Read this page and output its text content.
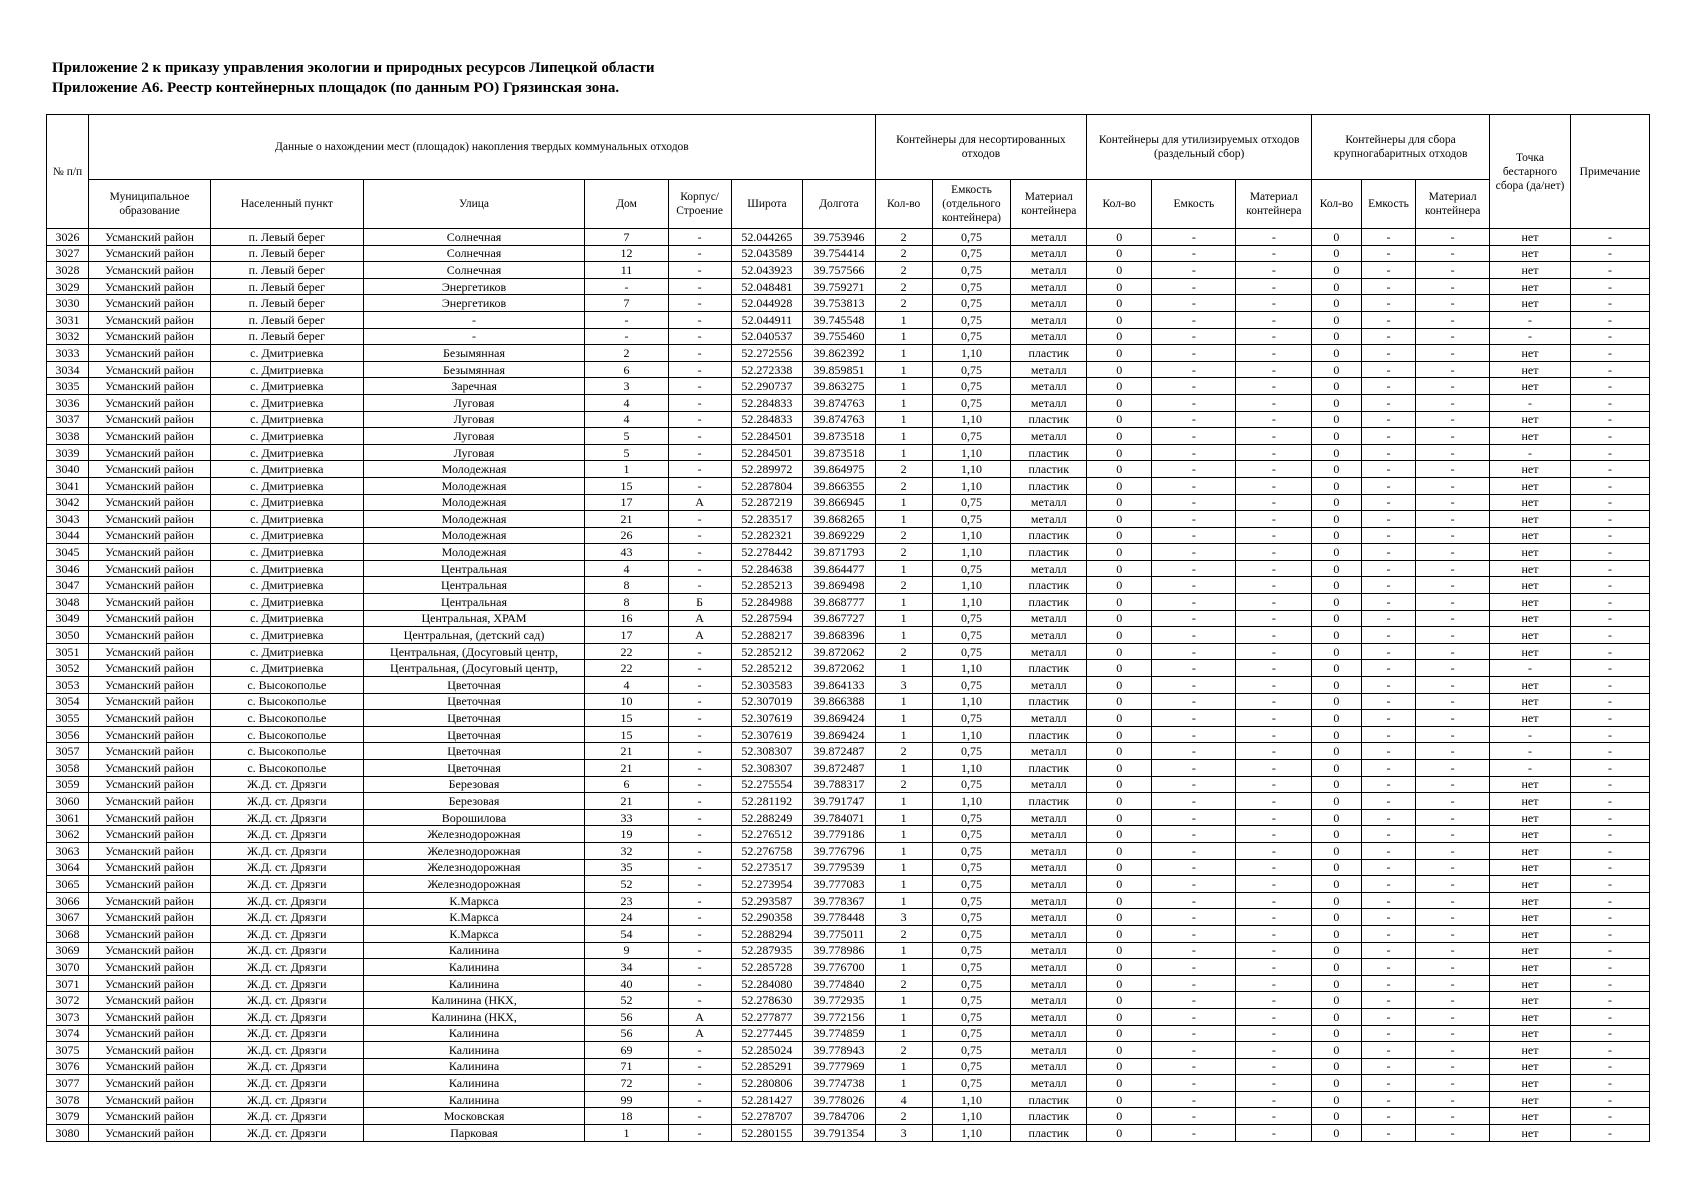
Приложение 2 к приказу управления экологии и природных ресурсов Липецкой области
Приложение А6. Реестр контейнерных площадок (по данным РО) Грязинская зона.
№ п/п	Данные о нахождении мест (площадок) накопления твердых коммунальных отходов							Контейнеры для несортированных отходов			Контейнеры для утилизируемых отходов (раздельный сбор)			Контейнеры для сбора крупногабаритных отходов			Точка бестарного сбора (да/нет)	Примечание
	Муниципальное образование	Населенный пункт	Улица	Дом	Корпус/ Строение	Широта	Долгота	Кол-во	Емкость (отдельного контейнера)	Материал контейнера	Кол-во	Емкость	Материал контейнера	Кол-во	Емкость	Материал контейнера		
3026	Усманский район	п. Левый берег	Солнечная	7	-	52.044265	39.753946	2	0,75	металл	0	-	-	0	-	-	нет	-
3027	Усманский район	п. Левый берег	Солнечная	12	-	52.043589	39.754414	2	0,75	металл	0	-	-	0	-	-	нет	-
3028	Усманский район	п. Левый берег	Солнечная	11	-	52.043923	39.757566	2	0,75	металл	0	-	-	0	-	-	нет	-
3029	Усманский район	п. Левый берег	Энергетиков	-	-	52.048481	39.759271	2	0,75	металл	0	-	-	0	-	-	нет	-
3030	Усманский район	п. Левый берег	Энергетиков	7	-	52.044928	39.753813	2	0,75	металл	0	-	-	0	-	-	нет	-
3031	Усманский район	п. Левый берег	-	-	-	52.044911	39.745548	1	0,75	металл	0	-	-	0	-	-	-	-
3032	Усманский район	п. Левый берег	-	-	-	52.040537	39.755460	1	0,75	металл	0	-	-	0	-	-	-	-
3033	Усманский район	с. Дмитриевка	Безымянная	2	-	52.272556	39.862392	1	1,10	пластик	0	-	-	0	-	-	нет	-
3034	Усманский район	с. Дмитриевка	Безымянная	6	-	52.272338	39.859851	1	0,75	металл	0	-	-	0	-	-	нет	-
3035	Усманский район	с. Дмитриевка	Заречная	3	-	52.290737	39.863275	1	0,75	металл	0	-	-	0	-	-	нет	-
3036	Усманский район	с. Дмитриевка	Луговая	4	-	52.284833	39.874763	1	0,75	металл	0	-	-	0	-	-	-	-
3037	Усманский район	с. Дмитриевка	Луговая	4	-	52.284833	39.874763	1	1,10	пластик	0	-	-	0	-	-	нет	-
3038	Усманский район	с. Дмитриевка	Луговая	5	-	52.284501	39.873518	1	0,75	металл	0	-	-	0	-	-	нет	-
3039	Усманский район	с. Дмитриевка	Луговая	5	-	52.284501	39.873518	1	1,10	пластик	0	-	-	0	-	-	-	-
3040	Усманский район	с. Дмитриевка	Молодежная	1	-	52.289972	39.864975	2	1,10	пластик	0	-	-	0	-	-	нет	-
3041	Усманский район	с. Дмитриевка	Молодежная	15	-	52.287804	39.866355	2	1,10	пластик	0	-	-	0	-	-	нет	-
3042	Усманский район	с. Дмитриевка	Молодежная	17	А	52.287219	39.866945	1	0,75	металл	0	-	-	0	-	-	нет	-
3043	Усманский район	с. Дмитриевка	Молодежная	21	-	52.283517	39.868265	1	0,75	металл	0	-	-	0	-	-	нет	-
3044	Усманский район	с. Дмитриевка	Молодежная	26	-	52.282321	39.869229	2	1,10	пластик	0	-	-	0	-	-	нет	-
3045	Усманский район	с. Дмитриевка	Молодежная	43	-	52.278442	39.871793	2	1,10	пластик	0	-	-	0	-	-	нет	-
3046	Усманский район	с. Дмитриевка	Центральная	4	-	52.284638	39.864477	1	0,75	металл	0	-	-	0	-	-	нет	-
3047	Усманский район	с. Дмитриевка	Центральная	8	-	52.285213	39.869498	2	1,10	пластик	0	-	-	0	-	-	нет	-
3048	Усманский район	с. Дмитриевка	Центральная	8	Б	52.284988	39.868777	1	1,10	пластик	0	-	-	0	-	-	нет	-
3049	Усманский район	с. Дмитриевка	Центральная, ХРАМ	16	А	52.287594	39.867727	1	0,75	металл	0	-	-	0	-	-	нет	-
3050	Усманский район	с. Дмитриевка	Центральная, (детский сад)	17	А	52.288217	39.868396	1	0,75	металл	0	-	-	0	-	-	нет	-
3051	Усманский район	с. Дмитриевка	Центральная, (Досуговый центр,	22	-	52.285212	39.872062	2	0,75	металл	0	-	-	0	-	-	нет	-
3052	Усманский район	с. Дмитриевка	Центральная, (Досуговый центр,	22	-	52.285212	39.872062	1	1,10	пластик	0	-	-	0	-	-	-	-
3053	Усманский район	с. Высокополье	Цветочная	4	-	52.303583	39.864133	3	0,75	металл	0	-	-	0	-	-	нет	-
3054	Усманский район	с. Высокополье	Цветочная	10	-	52.307019	39.866388	1	1,10	пластик	0	-	-	0	-	-	нет	-
3055	Усманский район	с. Высокополье	Цветочная	15	-	52.307619	39.869424	1	0,75	металл	0	-	-	0	-	-	нет	-
3056	Усманский район	с. Высокополье	Цветочная	15	-	52.307619	39.869424	1	1,10	пластик	0	-	-	0	-	-	-	-
3057	Усманский район	с. Высокополье	Цветочная	21	-	52.308307	39.872487	2	0,75	металл	0	-	-	0	-	-	-	-
3058	Усманский район	с. Высокополье	Цветочная	21	-	52.308307	39.872487	1	1,10	пластик	0	-	-	0	-	-	-	-
3059	Усманский район	Ж.Д. ст. Дрязги	Березовая	6	-	52.275554	39.788317	2	0,75	металл	0	-	-	0	-	-	нет	-
3060	Усманский район	Ж.Д. ст. Дрязги	Березовая	21	-	52.281192	39.791747	1	1,10	пластик	0	-	-	0	-	-	нет	-
3061	Усманский район	Ж.Д. ст. Дрязги	Ворошилова	33	-	52.288249	39.784071	1	0,75	металл	0	-	-	0	-	-	нет	-
3062	Усманский район	Ж.Д. ст. Дрязги	Железнодорожная	19	-	52.276512	39.779186	1	0,75	металл	0	-	-	0	-	-	нет	-
3063	Усманский район	Ж.Д. ст. Дрязги	Железнодорожная	32	-	52.276758	39.776796	1	0,75	металл	0	-	-	0	-	-	нет	-
3064	Усманский район	Ж.Д. ст. Дрязги	Железнодорожная	35	-	52.273517	39.779539	1	0,75	металл	0	-	-	0	-	-	нет	-
3065	Усманский район	Ж.Д. ст. Дрязги	Железнодорожная	52	-	52.273954	39.777083	1	0,75	металл	0	-	-	0	-	-	нет	-
3066	Усманский район	Ж.Д. ст. Дрязги	К.Маркса	23	-	52.293587	39.778367	1	0,75	металл	0	-	-	0	-	-	нет	-
3067	Усманский район	Ж.Д. ст. Дрязги	К.Маркса	24	-	52.290358	39.778448	3	0,75	металл	0	-	-	0	-	-	нет	-
3068	Усманский район	Ж.Д. ст. Дрязги	К.Маркса	54	-	52.288294	39.775011	2	0,75	металл	0	-	-	0	-	-	нет	-
3069	Усманский район	Ж.Д. ст. Дрязги	Калинина	9	-	52.287935	39.778986	1	0,75	металл	0	-	-	0	-	-	нет	-
3070	Усманский район	Ж.Д. ст. Дрязги	Калинина	34	-	52.285728	39.776700	1	0,75	металл	0	-	-	0	-	-	нет	-
3071	Усманский район	Ж.Д. ст. Дрязги	Калинина	40	-	52.284080	39.774840	2	0,75	металл	0	-	-	0	-	-	нет	-
3072	Усманский район	Ж.Д. ст. Дрязги	Калинина (НКХ,	52	-	52.278630	39.772935	1	0,75	металл	0	-	-	0	-	-	нет	-
3073	Усманский район	Ж.Д. ст. Дрязги	Калинина (НКХ,	56	А	52.277877	39.772156	1	0,75	металл	0	-	-	0	-	-	нет	-
3074	Усманский район	Ж.Д. ст. Дрязги	Калинина	56	А	52.277445	39.774859	1	0,75	металл	0	-	-	0	-	-	нет	-
3075	Усманский район	Ж.Д. ст. Дрязги	Калинина	69	-	52.285024	39.778943	2	0,75	металл	0	-	-	0	-	-	нет	-
3076	Усманский район	Ж.Д. ст. Дрязги	Калинина	71	-	52.285291	39.777969	1	0,75	металл	0	-	-	0	-	-	нет	-
3077	Усманский район	Ж.Д. ст. Дрязги	Калинина	72	-	52.280806	39.774738	1	0,75	металл	0	-	-	0	-	-	нет	-
3078	Усманский район	Ж.Д. ст. Дрязги	Калинина	99	-	52.281427	39.778026	4	1,10	пластик	0	-	-	0	-	-	нет	-
3079	Усманский район	Ж.Д. ст. Дрязги	Московская	18	-	52.278707	39.784706	2	1,10	пластик	0	-	-	0	-	-	нет	-
3080	Усманский район	Ж.Д. ст. Дрязги	Парковая	1	-	52.280155	39.791354	3	1,10	пластик	0	-	-	0	-	-	нет	-
